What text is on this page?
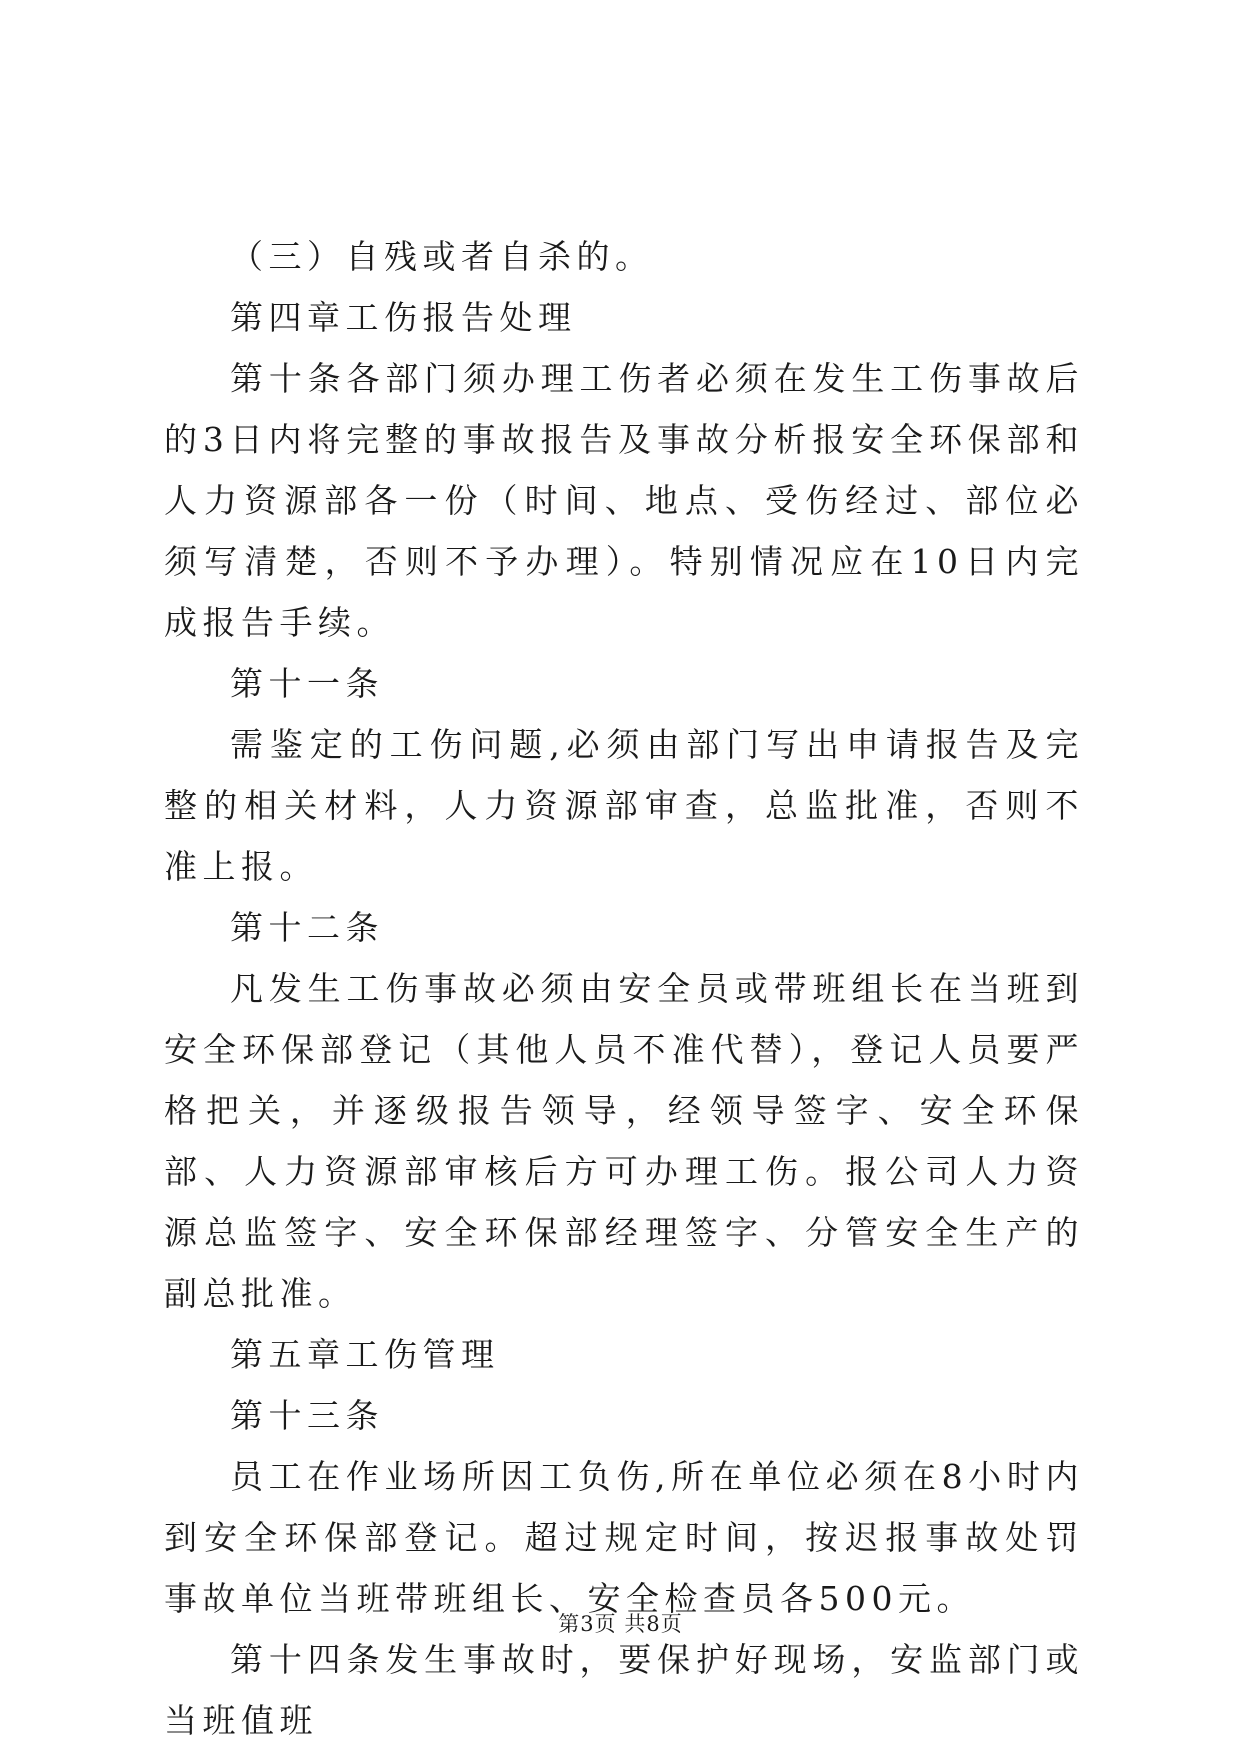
（三）自残或者自杀的。

第四章工伤报告处理

第十条各部门须办理工伤者必须在发生工伤事故后的3日内将完整的事故报告及事故分析报安全环保部和人力资源部各一份（时间、地点、受伤经过、部位必须写清楚，否则不予办理）。特别情况应在10日内完成报告手续。

第十一条

需鉴定的工伤问题,必须由部门写出申请报告及完整的相关材料，人力资源部审查，总监批准，否则不准上报。

第十二条

凡发生工伤事故必须由安全员或带班组长在当班到安全环保部登记（其他人员不准代替），登记人员要严格把关，并逐级报告领导，经领导签字、安全环保部、人力资源部审核后方可办理工伤。报公司人力资源总监签字、安全环保部经理签字、分管安全生产的副总批准。

第五章工伤管理

第十三条

员工在作业场所因工负伤,所在单位必须在8小时内到安全环保部登记。超过规定时间，按迟报事故处罚事故单位当班带班组长、安全检查员各500元。

第十四条发生事故时，要保护好现场，安监部门或当班值班

第3页 共8页
